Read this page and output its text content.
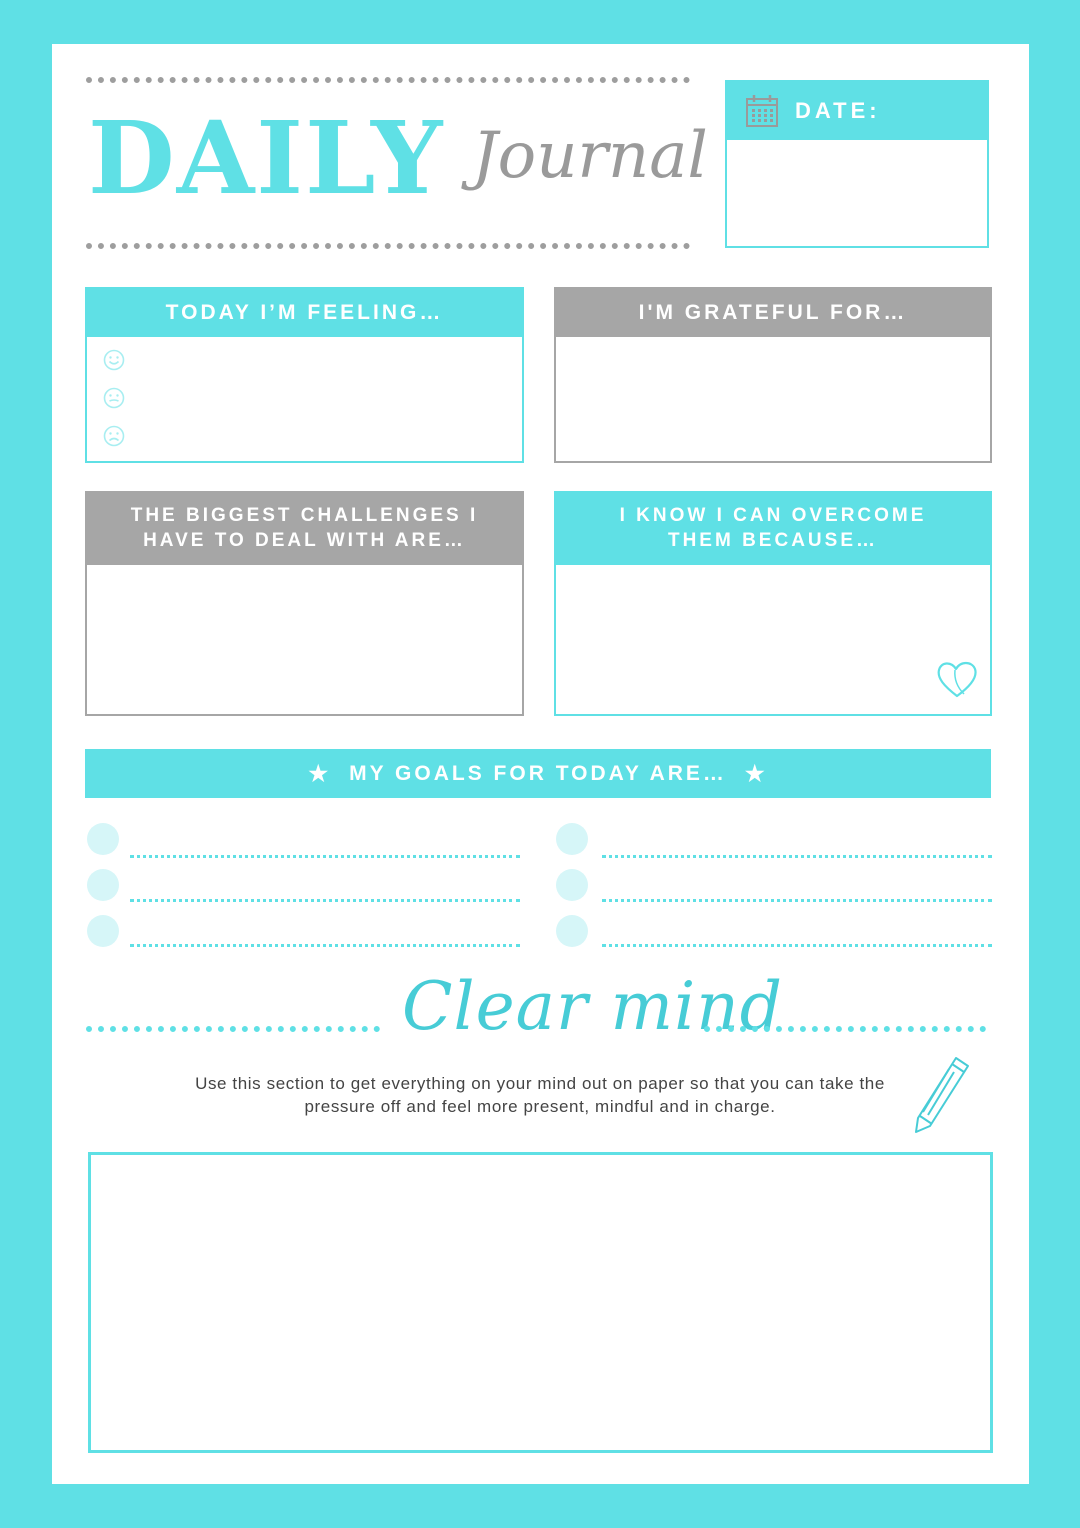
DAILY Journal
DATE:
TODAY I’M FEELING…	I'M GRATEFUL FOR…
THE BIGGEST CHALLENGES I
HAVE TO DEAL WITH ARE…
I KNOW I CAN OVERCOME
THEM BECAUSE…
★ MY GOALS FOR TODAY ARE… ★
Clear mind
Use this section to get everything on your mind out on paper so that you can take the pressure off and feel more present, mindful and in charge.
